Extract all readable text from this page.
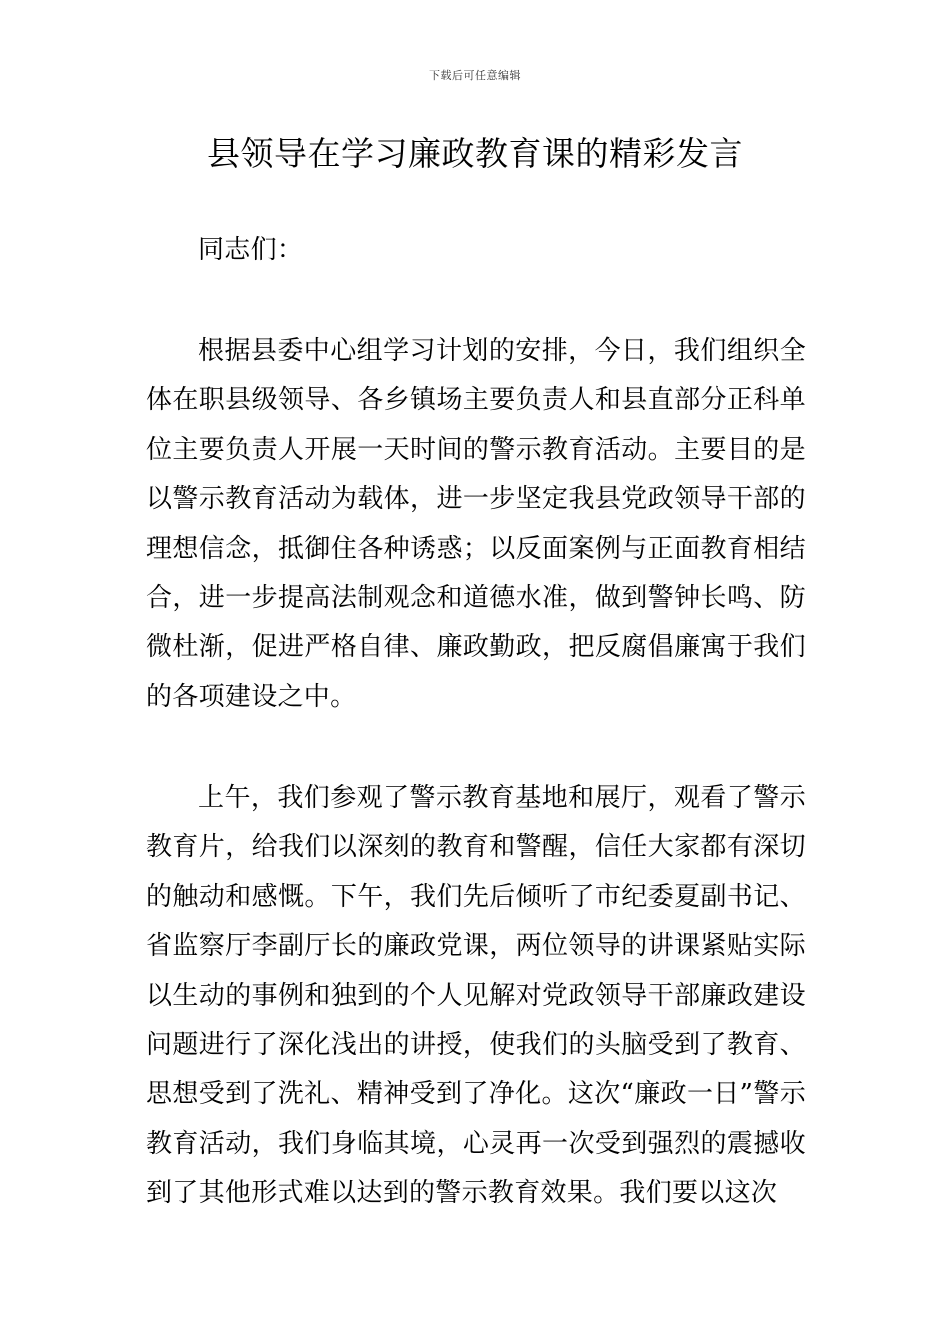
下载后可任意编辑
县领导在学习廉政教育课的精彩发言

同志们：

根据县委中心组学习计划的安排，今日，我们组织全体在职县级领导、各乡镇场主要负责人和县直部分正科单位主要负责人开展一天时间的警示教育活动。主要目的是以警示教育活动为载体，进一步坚定我县党政领导干部的理想信念，抵御住各种诱惑；以反面案例与正面教育相结合，进一步提高法制观念和道德水准，做到警钟长鸣、防微杜渐，促进严格自律、廉政勤政，把反腐倡廉寓于我们的各项建设之中。

上午，我们参观了警示教育基地和展厅，观看了警示教育片，给我们以深刻的教育和警醒，信任大家都有深切的触动和感慨。下午，我们先后倾听了市纪委夏副书记、省监察厅李副厅长的廉政党课，两位领导的讲课紧贴实际以生动的事例和独到的个人见解对党政领导干部廉政建设问题进行了深化浅出的讲授，使我们的头脑受到了教育、思想受到了洗礼、精神受到了净化。这次“廉政一日”警示教育活动，我们身临其境，心灵再一次受到强烈的震撼收到了其他形式难以达到的警示教育效果。我们要以这次
